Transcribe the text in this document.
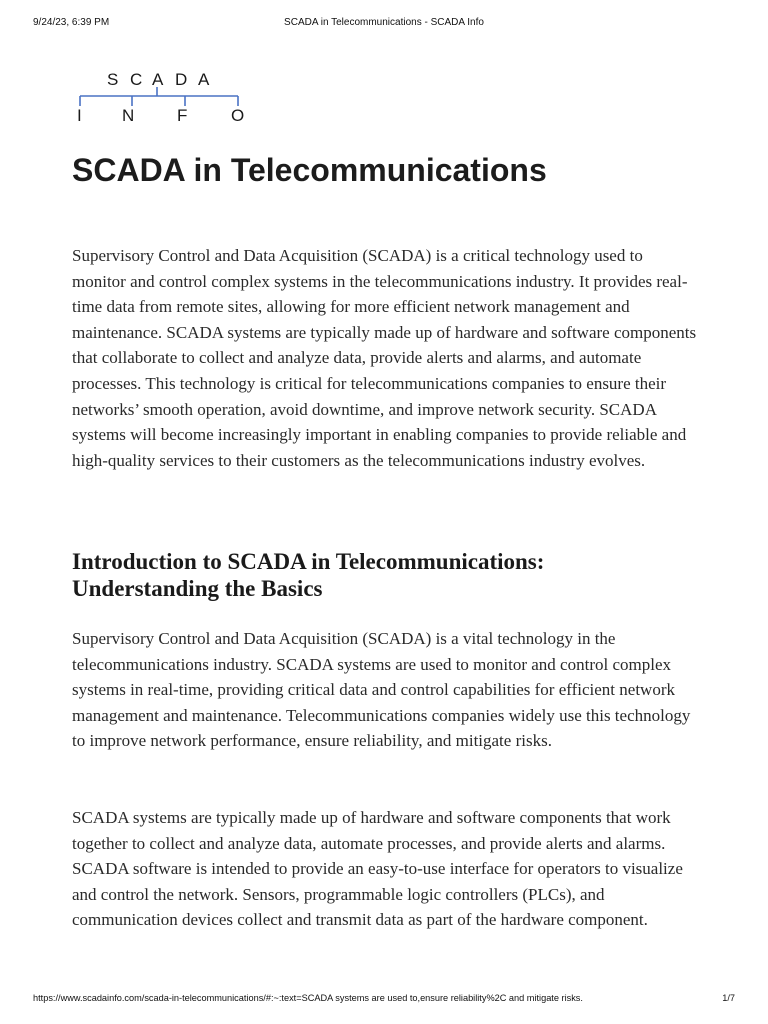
9/24/23, 6:39 PM	SCADA in Telecommunications - SCADA Info
S C A D A
I N	F	O
SCADA in Telecommunications

Supervisory Control and Data Acquisition (SCADA) is a critical technology used to monitor and control complex systems in the telecommunications industry. It provides real-time data from remote sites, allowing for more efficient network management and maintenance. SCADA systems are typically made up of hardware and software components that collaborate to collect and analyze data, provide alerts and alarms, and automate processes. This technology is critical for telecommunications companies to ensure their networks’ smooth operation, avoid downtime, and improve network security. SCADA systems will become increasingly important in enabling companies to provide reliable and high-quality services to their customers as the telecommunications industry evolves.

Introduction to SCADA in Telecommunications: Understanding the Basics

Supervisory Control and Data Acquisition (SCADA) is a vital technology in the telecommunications industry. SCADA systems are used to monitor and control complex systems in real-time, providing critical data and control capabilities for efficient network management and maintenance. Telecommunications companies widely use this technology to improve network performance, ensure reliability, and mitigate risks.

SCADA systems are typically made up of hardware and software components that work together to collect and analyze data, automate processes, and provide alerts and alarms. SCADA software is intended to provide an easy-to-use interface for operators to visualize and control the network. Sensors, programmable logic controllers (PLCs), and communication devices collect and transmit data as part of the hardware component.

https://www.scadainfo.com/scada-in-telecommunications/#:~:text=SCADA systems are used to,ensure reliability%2C and mitigate risks.	1/7
